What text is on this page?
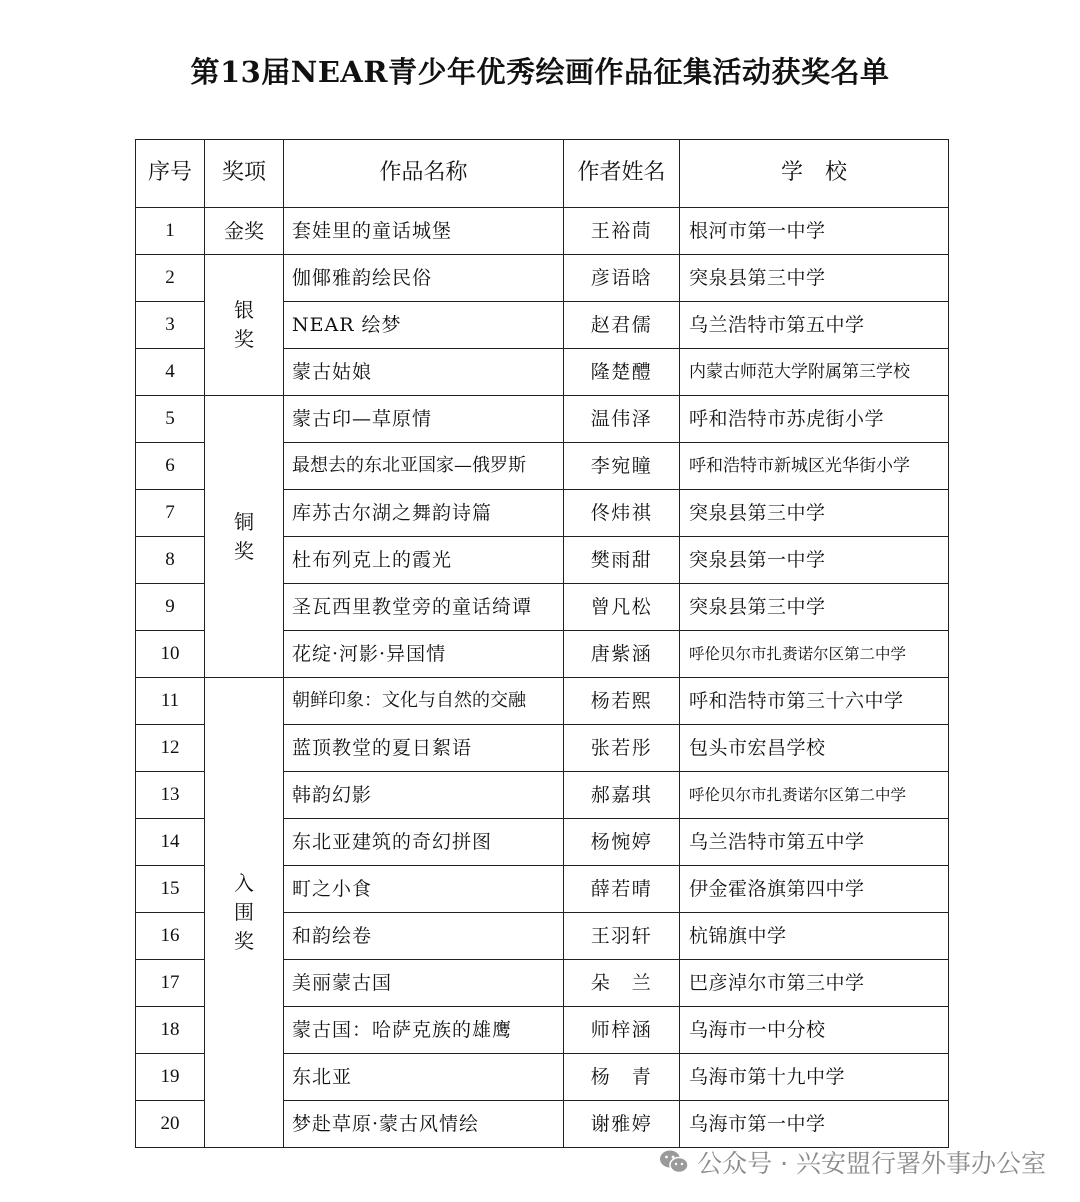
第13届NEAR青少年优秀绘画作品征集活动获奖名单
序号	奖项	作品名称	作者姓名	学　校
1	金奖	套娃里的童话城堡	王裕茼	根河市第一中学
2	银奖	伽倻雅韵绘民俗	彦语晗	突泉县第三中学
3		NEAR 绘梦	赵君儒	乌兰浩特市第五中学
4		蒙古姑娘	隆楚醴	内蒙古师范大学附属第三学校
5	铜奖	蒙古印—草原情	温伟泽	呼和浩特市苏虎街小学
6		最想去的东北亚国家—俄罗斯	李宛瞳	呼和浩特市新城区光华街小学
7		库苏古尔湖之舞韵诗篇	佟炜祺	突泉县第三中学
8		杜布列克上的霞光	樊雨甜	突泉县第一中学
9		圣瓦西里教堂旁的童话绮谭	曾凡松	突泉县第三中学
10		花绽·河影·异国情	唐紫涵	呼伦贝尔市扎赉诺尔区第二中学
11	入围奖	朝鲜印象：文化与自然的交融	杨若熙	呼和浩特市第三十六中学
12		蓝顶教堂的夏日絮语	张若彤	包头市宏昌学校
13		韩韵幻影	郝嘉琪	呼伦贝尔市扎赉诺尔区第二中学
14		东北亚建筑的奇幻拼图	杨惋婷	乌兰浩特市第五中学
15		町之小食	薛若晴	伊金霍洛旗第四中学
16		和韵绘卷	王羽轩	杭锦旗中学
17		美丽蒙古国	朵　兰	巴彦淖尔市第三中学
18		蒙古国：哈萨克族的雄鹰	师梓涵	乌海市一中分校
19		东北亚	杨　青	乌海市第十九中学
20		梦赴草原·蒙古风情绘	谢雅婷	乌海市第一中学
公众号 · 兴安盟行署外事办公室
